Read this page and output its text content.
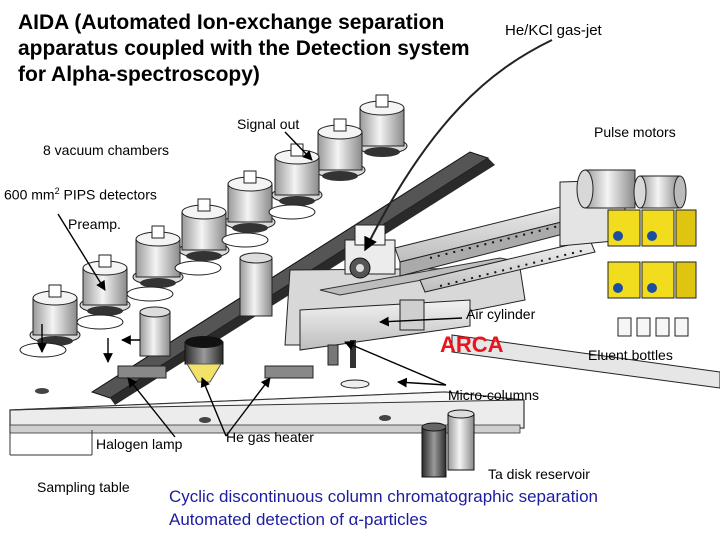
AIDA (Automated Ion-exchange separation apparatus coupled with the Detection system for Alpha-spectroscopy)
He/KCl gas-jet
Signal out	Pulse motors
8 vacuum chambers
600 $mm^2$ PIPS detectors
Preamp.
Air cylinder
ARCA	Eluent bottles
Micro-columns
Halogen lamp	He gas heater
Ta disk reservoir
Sampling table Cyclic discontinuous column chromatographic separation
Automated detection of α-particles
